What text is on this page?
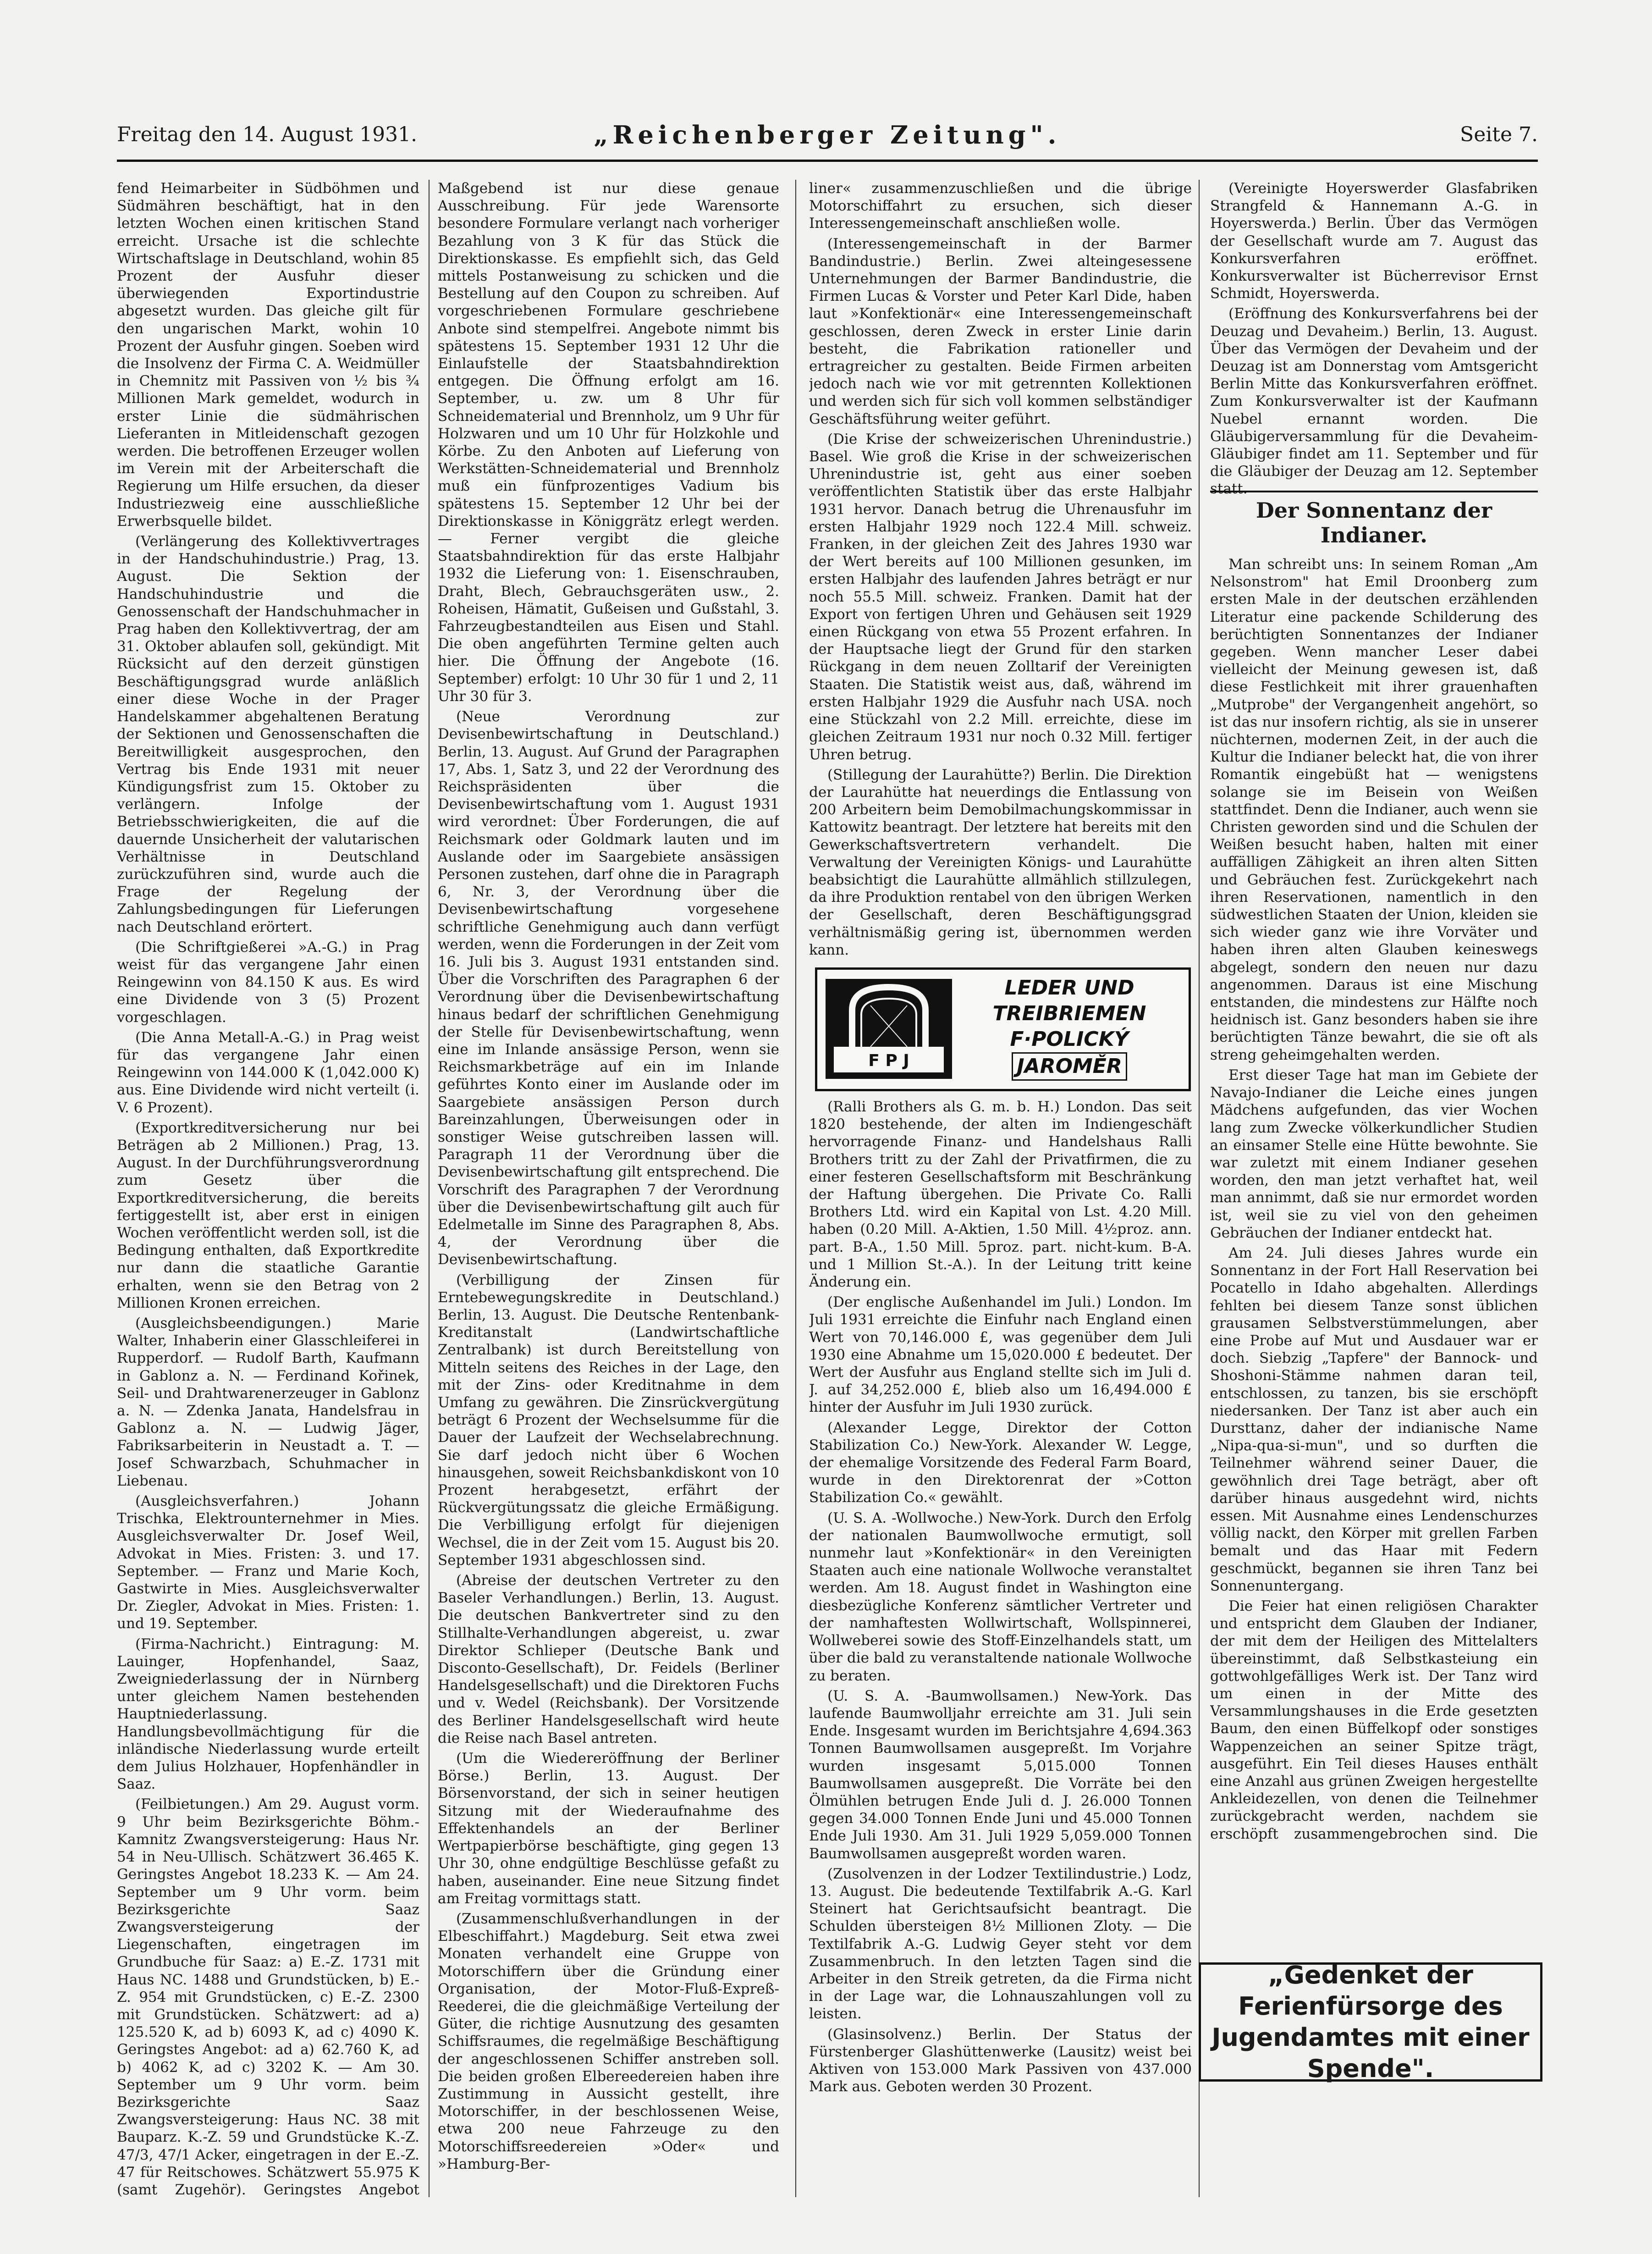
Freitag den 14. August 1931.	„Reichenberger Zeitung".	Seite 7.

fend Heimarbeiter in Südböhmen und Südmähren beschäftigt, hat in den letzten Wochen einen kritischen Stand erreicht. Ursache ist die schlechte Wirtschaftslage in Deutschland, wohin 85 Prozent der Ausfuhr dieser überwiegenden Exportindustrie abgesetzt wurden. Das gleiche gilt für den ungarischen Markt, wohin 10 Prozent der Ausfuhr gingen. Soeben wird die Insolvenz der Firma C. A. Weidmüller in Chemnitz mit Passiven von ½ bis ¾ Millionen Mark gemeldet, wodurch in erster Linie die südmährischen Lieferanten in Mitleidenschaft gezogen werden. Die betroffenen Erzeuger wollen im Verein mit der Arbeiterschaft die Regierung um Hilfe ersuchen, da dieser Industriezweig eine ausschließliche Erwerbsquelle bildet.

(Verlängerung des Kollektivvertrages in der Handschuhindustrie.) Prag, 13. August. Die Sektion der Handschuhindustrie und die Genossenschaft der Handschuhmacher in Prag haben den Kollektivvertrag, der am 31. Oktober ablaufen soll, gekündigt. Mit Rücksicht auf den derzeit günstigen Beschäftigungsgrad wurde anläßlich einer diese Woche in der Prager Handelskammer abgehaltenen Beratung der Sektionen und Genossenschaften die Bereitwilligkeit ausgesprochen, den Vertrag bis Ende 1931 mit neuer Kündigungsfrist zum 15. Oktober zu verlängern. Infolge der Betriebsschwierigkeiten, die auf die dauernde Unsicherheit der valutarischen Verhältnisse in Deutschland zurückzuführen sind, wurde auch die Frage der Regelung der Zahlungsbedingungen für Lieferungen nach Deutschland erörtert.

(Die Schriftgießerei »A.-G.) in Prag weist für das vergangene Jahr einen Reingewinn von 84.150 K aus. Es wird eine Dividende von 3 (5) Prozent vorgeschlagen.

(Die Anna Metall-A.-G.) in Prag weist für das vergangene Jahr einen Reingewinn von 144.000 K (1,042.000 K) aus. Eine Dividende wird nicht verteilt (i. V. 6 Prozent).

(Exportkreditversicherung nur bei Beträgen ab 2 Millionen.) Prag, 13. August. In der Durchführungsverordnung zum Gesetz über die Exportkreditversicherung, die bereits fertiggestellt ist, aber erst in einigen Wochen veröffentlicht werden soll, ist die Bedingung enthalten, daß Exportkredite nur dann die staatliche Garantie erhalten, wenn sie den Betrag von 2 Millionen Kronen erreichen.

(Ausgleichsbeendigungen.) Marie Walter, Inhaberin einer Glasschleiferei in Rupperdorf. — Rudolf Barth, Kaufmann in Gablonz a. N. — Ferdinand Kořinek, Seil- und Drahtwarenerzeuger in Gablonz a. N. — Zdenka Janata, Handelsfrau in Gablonz a. N. — Ludwig Jäger, Fabriksarbeiterin in Neustadt a. T. — Josef Schwarzbach, Schuhmacher in Liebenau.

(Ausgleichsverfahren.) Johann Trischka, Elektrounternehmer in Mies. Ausgleichsverwalter Dr. Josef Weil, Advokat in Mies. Fristen: 3. und 17. September. — Franz und Marie Koch, Gastwirte in Mies. Ausgleichsverwalter Dr. Ziegler, Advokat in Mies. Fristen: 1. und 19. September.

(Firma-Nachricht.) Eintragung: M. Lauinger, Hopfenhandel, Saaz, Zweigniederlassung der in Nürnberg unter gleichem Namen bestehenden Hauptniederlassung. Handlungsbevollmächtigung für die inländische Niederlassung wurde erteilt dem Julius Holzhauer, Hopfenhändler in Saaz.

(Feilbietungen.) Am 29. August vorm. 9 Uhr beim Bezirksgerichte Böhm.-Kamnitz Zwangsversteigerung: Haus Nr. 54 in Neu-Ullisch. Schätzwert 36.465 K. Geringstes Angebot 18.233 K. — Am 24. September um 9 Uhr vorm. beim Bezirksgerichte Saaz Zwangsversteigerung der Liegenschaften, eingetragen im Grundbuche für Saaz: a) E.-Z. 1731 mit Haus NC. 1488 und Grundstücken, b) E.-Z. 954 mit Grundstücken, c) E.-Z. 2300 mit Grundstücken. Schätzwert: ad a) 125.520 K, ad b) 6093 K, ad c) 4090 K. Geringstes Angebot: ad a) 62.760 K, ad b) 4062 K, ad c) 3202 K. — Am 30. September um 9 Uhr vorm. beim Bezirksgerichte Saaz Zwangsversteigerung: Haus NC. 38 mit Bauparz. K.-Z. 59 und Grundstücke K.-Z. 47/3, 47/1 Acker, eingetragen in der E.-Z. 47 für Reitschowes. Schätzwert 55.975 K (samt Zugehör). Geringstes Angebot

Maßgebend ist nur diese genaue Ausschreibung. Für jede Warensorte besondere Formulare verlangt nach vorheriger Bezahlung von 3 K für das Stück die Direktionskasse. Es empfiehlt sich, das Geld mittels Postanweisung zu schicken und die Bestellung auf den Coupon zu schreiben. Auf vorgeschriebenen Formulare geschriebene Anbote sind stempelfrei. Angebote nimmt bis spätestens 15. September 1931 12 Uhr die Einlaufstelle der Staatsbahndirektion entgegen. Die Öffnung erfolgt am 16. September, u. zw. um 8 Uhr für Schneidematerial und Brennholz, um 9 Uhr für Holzwaren und um 10 Uhr für Holzkohle und Körbe. Zu den Anboten auf Lieferung von Werkstätten-Schneidematerial und Brennholz muß ein fünfprozentiges Vadium bis spätestens 15. September 12 Uhr bei der Direktionskasse in Königgrätz erlegt werden. — Ferner vergibt die gleiche Staatsbahndirektion für das erste Halbjahr 1932 die Lieferung von: 1. Eisenschrauben, Draht, Blech, Gebrauchsgeräten usw., 2. Roheisen, Hämatit, Gußeisen und Gußstahl, 3. Fahrzeugbestandteilen aus Eisen und Stahl. Die oben angeführten Termine gelten auch hier. Die Öffnung der Angebote (16. September) erfolgt: 10 Uhr 30 für 1 und 2, 11 Uhr 30 für 3.

(Neue Verordnung zur Devisenbewirtschaftung in Deutschland.) Berlin, 13. August. Auf Grund der Paragraphen 17, Abs. 1, Satz 3, und 22 der Verordnung des Reichspräsidenten über die Devisenbewirtschaftung vom 1. August 1931 wird verordnet: Über Forderungen, die auf Reichsmark oder Goldmark lauten und im Auslande oder im Saargebiete ansässigen Personen zustehen, darf ohne die in Paragraph 6, Nr. 3, der Verordnung über die Devisenbewirtschaftung vorgesehene schriftliche Genehmigung auch dann verfügt werden, wenn die Forderungen in der Zeit vom 16. Juli bis 3. August 1931 entstanden sind. Über die Vorschriften des Paragraphen 6 der Verordnung über die Devisenbewirtschaftung hinaus bedarf der schriftlichen Genehmigung der Stelle für Devisenbewirtschaftung, wenn eine im Inlande ansässige Person, wenn sie Reichsmarkbeträge auf ein im Inlande geführtes Konto einer im Auslande oder im Saargebiete ansässigen Person durch Bareinzahlungen, Überweisungen oder in sonstiger Weise gutschreiben lassen will. Paragraph 11 der Verordnung über die Devisenbewirtschaftung gilt entsprechend. Die Vorschrift des Paragraphen 7 der Verordnung über die Devisenbewirtschaftung gilt auch für Edelmetalle im Sinne des Paragraphen 8, Abs. 4, der Verordnung über die Devisenbewirtschaftung.

(Verbilligung der Zinsen für Erntebewegungskredite in Deutschland.) Berlin, 13. August. Die Deutsche Rentenbank-Kreditanstalt (Landwirtschaftliche Zentralbank) ist durch Bereitstellung von Mitteln seitens des Reiches in der Lage, den mit der Zins- oder Kreditnahme in dem Umfang zu gewähren. Die Zinsrückvergütung beträgt 6 Prozent der Wechselsumme für die Dauer der Laufzeit der Wechselabrechnung. Sie darf jedoch nicht über 6 Wochen hinausgehen, soweit Reichsbankdiskont von 10 Prozent herabgesetzt, erfährt der Rückvergütungssatz die gleiche Ermäßigung. Die Verbilligung erfolgt für diejenigen Wechsel, die in der Zeit vom 15. August bis 20. September 1931 abgeschlossen sind.

(Abreise der deutschen Vertreter zu den Baseler Verhandlungen.) Berlin, 13. August. Die deutschen Bankvertreter sind zu den Stillhalte-Verhandlungen abgereist, u. zwar Direktor Schlieper (Deutsche Bank und Disconto-Gesellschaft), Dr. Feidels (Berliner Handelsgesellschaft) und die Direktoren Fuchs und v. Wedel (Reichsbank). Der Vorsitzende des Berliner Handelsgesellschaft wird heute die Reise nach Basel antreten.

(Um die Wiedereröffnung der Berliner Börse.) Berlin, 13. August. Der Börsenvorstand, der sich in seiner heutigen Sitzung mit der Wiederaufnahme des Effektenhandels an der Berliner Wertpapierbörse beschäftigte, ging gegen 13 Uhr 30, ohne endgültige Beschlüsse gefaßt zu haben, auseinander. Eine neue Sitzung findet am Freitag vormittags statt.

(Zusammenschlußverhandlungen in der Elbeschiffahrt.) Magdeburg. Seit etwa zwei Monaten verhandelt eine Gruppe von Motorschiffern über die Gründung einer Organisation, der Motor-Fluß-Expreß-Reederei, die die gleichmäßige Verteilung der Güter, die richtige Ausnutzung des gesamten Schiffsraumes, die regelmäßige Beschäftigung der angeschlossenen Schiffer anstreben soll. Die beiden großen Elbereedereien haben ihre Zustimmung in Aussicht gestellt, ihre Motorschiffer, in der beschlossenen Weise, etwa 200 neue Fahrzeuge zu den Motorschiffsreedereien »Oder« und »Hamburg-Ber-

liner« zusammenzuschließen und die übrige Motorschiffahrt zu ersuchen, sich dieser Interessengemeinschaft anschließen wolle.

(Interessengemeinschaft in der Barmer Bandindustrie.) Berlin. Zwei alteingesessene Unternehmungen der Barmer Bandindustrie, die Firmen Lucas & Vorster und Peter Karl Dide, haben laut »Konfektionär« eine Interessengemeinschaft geschlossen, deren Zweck in erster Linie darin besteht, die Fabrikation rationeller und ertragreicher zu gestalten. Beide Firmen arbeiten jedoch nach wie vor mit getrennten Kollektionen und werden sich für sich voll kommen selbständiger Geschäftsführung weiter geführt.

(Die Krise der schweizerischen Uhrenindustrie.) Basel. Wie groß die Krise in der schweizerischen Uhrenindustrie ist, geht aus einer soeben veröffentlichten Statistik über das erste Halbjahr 1931 hervor. Danach betrug die Uhrenausfuhr im ersten Halbjahr 1929 noch 122.4 Mill. schweiz. Franken, in der gleichen Zeit des Jahres 1930 war der Wert bereits auf 100 Millionen gesunken, im ersten Halbjahr des laufenden Jahres beträgt er nur noch 55.5 Mill. schweiz. Franken. Damit hat der Export von fertigen Uhren und Gehäusen seit 1929 einen Rückgang von etwa 55 Prozent erfahren. In der Hauptsache liegt der Grund für den starken Rückgang in dem neuen Zolltarif der Vereinigten Staaten. Die Statistik weist aus, daß, während im ersten Halbjahr 1929 die Ausfuhr nach USA. noch eine Stückzahl von 2.2 Mill. erreichte, diese im gleichen Zeitraum 1931 nur noch 0.32 Mill. fertiger Uhren betrug.

(Stillegung der Laurahütte?) Berlin. Die Direktion der Laurahütte hat neuerdings die Entlassung von 200 Arbeitern beim Demobilmachungskommissar in Kattowitz beantragt. Der letztere hat bereits mit den Gewerkschaftsvertretern verhandelt. Die Verwaltung der Vereinigten Königs- und Laurahütte beabsichtigt die Laurahütte allmählich stillzulegen, da ihre Produktion rentabel von den übrigen Werken der Gesellschaft, deren Beschäftigungsgrad verhältnismäßig gering ist, übernommen werden kann.

F P J
LEDER UND
TREIBRIEMEN
F·POLICKÝ
JAROMĚR

(Ralli Brothers als G. m. b. H.) London. Das seit 1820 bestehende, der alten im Indiengeschäft hervorragende Finanz- und Handelshaus Ralli Brothers tritt zu der Zahl der Privatfirmen, die zu einer festeren Gesellschaftsform mit Beschränkung der Haftung übergehen. Die Private Co. Ralli Brothers Ltd. wird ein Kapital von Lst. 4.20 Mill. haben (0.20 Mill. A-Aktien, 1.50 Mill. 4½proz. ann. part. B-A., 1.50 Mill. 5proz. part. nicht-kum. B-A. und 1 Million St.-A.). In der Leitung tritt keine Änderung ein.

(Der englische Außenhandel im Juli.) London. Im Juli 1931 erreichte die Einfuhr nach England einen Wert von 70,146.000 £, was gegenüber dem Juli 1930 eine Abnahme um 15,020.000 £ bedeutet. Der Wert der Ausfuhr aus England stellte sich im Juli d. J. auf 34,252.000 £, blieb also um 16,494.000 £ hinter der Ausfuhr im Juli 1930 zurück.

(Alexander Legge, Direktor der Cotton Stabilization Co.) New-York. Alexander W. Legge, der ehemalige Vorsitzende des Federal Farm Board, wurde in den Direktorenrat der »Cotton Stabilization Co.« gewählt.

(U. S. A. -Wollwoche.) New-York. Durch den Erfolg der nationalen Baumwollwoche ermutigt, soll nunmehr laut »Konfektionär« in den Vereinigten Staaten auch eine nationale Wollwoche veranstaltet werden. Am 18. August findet in Washington eine diesbezügliche Konferenz sämtlicher Vertreter und der namhaftesten Wollwirtschaft, Wollspinnerei, Wollweberei sowie des Stoff-Einzelhandels statt, um über die bald zu veranstaltende nationale Wollwoche zu beraten.

(U. S. A. -Baumwollsamen.) New-York. Das laufende Baumwolljahr erreichte am 31. Juli sein Ende. Insgesamt wurden im Berichtsjahre 4,694.363 Tonnen Baumwollsamen ausgepreßt. Im Vorjahre wurden insgesamt 5,015.000 Tonnen Baumwollsamen ausgepreßt. Die Vorräte bei den Ölmühlen betrugen Ende Juli d. J. 26.000 Tonnen gegen 34.000 Tonnen Ende Juni und 45.000 Tonnen Ende Juli 1930. Am 31. Juli 1929 5,059.000 Tonnen Baumwollsamen ausgepreßt worden waren.

(Zusolvenzen in der Lodzer Textilindustrie.) Lodz, 13. August. Die bedeutende Textilfabrik A.-G. Karl Steinert hat Gerichtsaufsicht beantragt. Die Schulden übersteigen 8½ Millionen Zloty. — Die Textilfabrik A.-G. Ludwig Geyer steht vor dem Zusammenbruch. In den letzten Tagen sind die Arbeiter in den Streik getreten, da die Firma nicht in der Lage war, die Lohnauszahlungen voll zu leisten.

(Glasinsolvenz.) Berlin. Der Status der Fürstenberger Glashüttenwerke (Lausitz) weist bei Aktiven von 153.000 Mark Passiven von 437.000 Mark aus. Geboten werden 30 Prozent.

(Vereinigte Hoyerswerder Glasfabriken Strangfeld & Hannemann A.-G. in Hoyerswerda.) Berlin. Über das Vermögen der Gesellschaft wurde am 7. August das Konkursverfahren eröffnet. Konkursverwalter ist Bücherrevisor Ernst Schmidt, Hoyerswerda.

(Eröffnung des Konkursverfahrens bei der Deuzag und Devaheim.) Berlin, 13. August. Über das Vermögen der Devaheim und der Deuzag ist am Donnerstag vom Amtsgericht Berlin Mitte das Konkursverfahren eröffnet. Zum Konkursverwalter ist der Kaufmann Nuebel ernannt worden. Die Gläubigerversammlung für die Devaheim-Gläubiger findet am 11. September und für die Gläubiger der Deuzag am 12. September statt.

Der Sonnentanz der Indianer.

Man schreibt uns: In seinem Roman „Am Nelsonstrom" hat Emil Droonberg zum ersten Male in der deutschen erzählenden Literatur eine packende Schilderung des berüchtigten Sonnentanzes der Indianer gegeben. Wenn mancher Leser dabei vielleicht der Meinung gewesen ist, daß diese Festlichkeit mit ihrer grauenhaften „Mutprobe" der Vergangenheit angehört, so ist das nur insofern richtig, als sie in unserer nüchternen, modernen Zeit, in der auch die Kultur die Indianer beleckt hat, die von ihrer Romantik eingebüßt hat — wenigstens solange sie im Beisein von Weißen stattfindet. Denn die Indianer, auch wenn sie Christen geworden sind und die Schulen der Weißen besucht haben, halten mit einer auffälligen Zähigkeit an ihren alten Sitten und Gebräuchen fest. Zurückgekehrt nach ihren Reservationen, namentlich in den südwestlichen Staaten der Union, kleiden sie sich wieder ganz wie ihre Vorväter und haben ihren alten Glauben keineswegs abgelegt, sondern den neuen nur dazu angenommen. Daraus ist eine Mischung entstanden, die mindestens zur Hälfte noch heidnisch ist. Ganz besonders haben sie ihre berüchtigten Tänze bewahrt, die sie oft als streng geheimgehalten werden.

Erst dieser Tage hat man im Gebiete der Navajo-Indianer die Leiche eines jungen Mädchens aufgefunden, das vier Wochen lang zum Zwecke völkerkundlicher Studien an einsamer Stelle eine Hütte bewohnte. Sie war zuletzt mit einem Indianer gesehen worden, den man jetzt verhaftet hat, weil man annimmt, daß sie nur ermordet worden ist, weil sie zu viel von den geheimen Gebräuchen der Indianer entdeckt hat.

Am 24. Juli dieses Jahres wurde ein Sonnentanz in der Fort Hall Reservation bei Pocatello in Idaho abgehalten. Allerdings fehlten bei diesem Tanze sonst üblichen grausamen Selbstverstümmelungen, aber eine Probe auf Mut und Ausdauer war er doch. Siebzig „Tapfere" der Bannock- und Shoshoni-Stämme nahmen daran teil, entschlossen, zu tanzen, bis sie erschöpft niedersanken. Der Tanz ist aber auch ein Dursttanz, daher der indianische Name „Nipa-qua-si-mun", und so durften die Teilnehmer während seiner Dauer, die gewöhnlich drei Tage beträgt, aber oft darüber hinaus ausgedehnt wird, nichts essen. Mit Ausnahme eines Lendenschurzes völlig nackt, den Körper mit grellen Farben bemalt und das Haar mit Federn geschmückt, begannen sie ihren Tanz bei Sonnenuntergang.

Die Feier hat einen religiösen Charakter und entspricht dem Glauben der Indianer, der mit dem der Heiligen des Mittelalters übereinstimmt, daß Selbstkasteiung ein gottwohlgefälliges Werk ist. Der Tanz wird um einen in der Mitte des Versammlungshauses in die Erde gesetzten Baum, den einen Büffelkopf oder sonstiges Wappenzeichen an seiner Spitze trägt, ausgeführt. Ein Teil dieses Hauses enthält eine Anzahl aus grünen Zweigen hergestellte Ankleidezellen, von denen die Teilnehmer zurückgebracht werden, nachdem sie erschöpft zusammengebrochen sind. Die

„Gedenket der Ferienfürsorge des Jugendamtes mit einer Spende".
